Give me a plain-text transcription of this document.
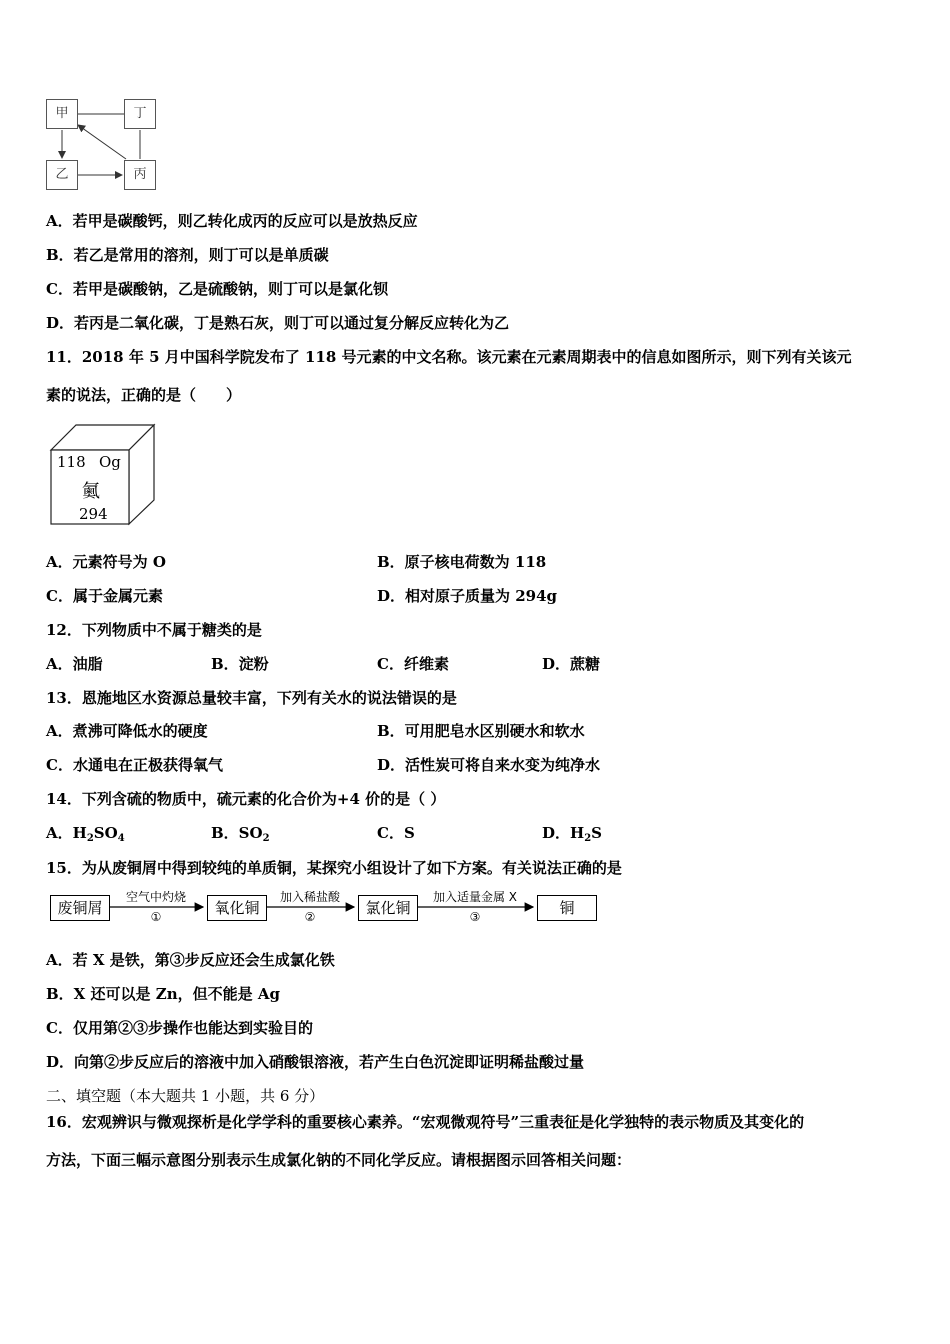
甲	丁
乙	丙
A．若甲是碳酸钙，则乙转化成丙的反应可以是放热反应
B．若乙是常用的溶剂，则丁可以是单质碳
C．若甲是碳酸钠，乙是硫酸钠，则丁可以是氯化钡
D．若丙是二氧化碳，丁是熟石灰，则丁可以通过复分解反应转化为乙
11．2018 年 5 月中国科学院发布了 118 号元素的中文名称。该元素在元素周期表中的信息如图所示，则下列有关该元
素的说法，正确的是（　　）
118 Og
鿫
294
A．元素符号为 O	B．原子核电荷数为 118
C．属于金属元素	D．相对原子质量为 294g
12．下列物质中不属于糖类的是
A．油脂	B．淀粉	C．纤维素	D．蔗糖
13．恩施地区水资源总量较丰富，下列有关水的说法错误的是
A．煮沸可降低水的硬度	B．可用肥皂水区别硬水和软水
C．水通电在正极获得氧气	D．活性炭可将自来水变为纯净水
14．下列含硫的物质中，硫元素的化合价为+4 价的是（ ）
A．$H_2SO_4$	B．$SO_2$	C．S	D．$H_2S$
15．为从废铜屑中得到较纯的单质铜，某探究小组设计了如下方案。有关说法正确的是
废铜屑	氧化铜	氯化铜	铜
空气中灼烧
①
加入稀盐酸
②
加入适量金属 X
③
A．若 X 是铁，第③步反应还会生成氯化铁
B．X 还可以是 Zn，但不能是 Ag
C．仅用第②③步操作也能达到实验目的
D．向第②步反应后的溶液中加入硝酸银溶液，若产生白色沉淀即证明稀盐酸过量
二、填空题（本大题共 1 小题，共 6 分）
16．宏观辨识与微观探析是化学学科的重要核心素养。“宏观微观符号”三重表征是化学独特的表示物质及其变化的
方法，下面三幅示意图分别表示生成氯化钠的不同化学反应。请根据图示回答相关问题：
